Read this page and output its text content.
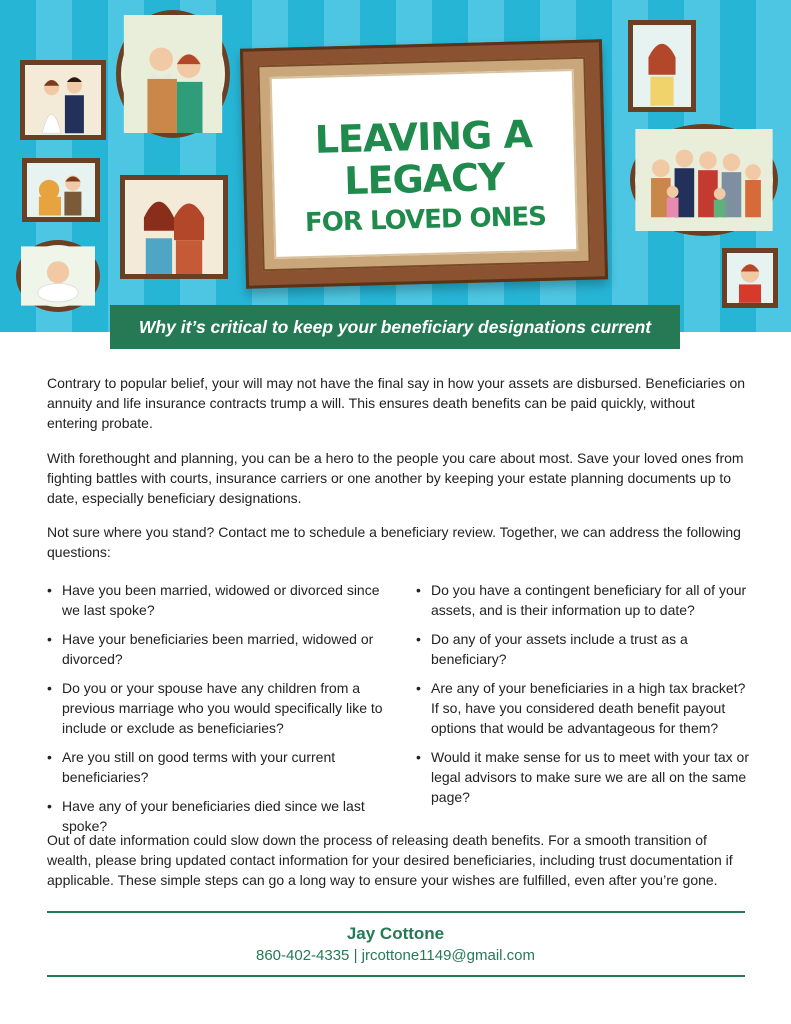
LEAVING A
LEGACY
FOR LOVED ONES
Why it’s critical to keep your beneficiary designations current

Contrary to popular belief, your will may not have the final say in how your assets are disbursed. Beneficiaries on annuity and life insurance contracts trump a will. This ensures death benefits can be paid quickly, without entering probate.

With forethought and planning, you can be a hero to the people you care about most. Save your loved ones from fighting battles with courts, insurance carriers or one another by keeping your estate planning documents up to date, especially beneficiary designations.

Not sure where you stand? Contact me to schedule a beneficiary review. Together, we can address the following questions:

• Have you been married, widowed or divorced since we last spoke?
• Have your beneficiaries been married, widowed or divorced?
• Do you or your spouse have any children from a previous marriage who you would specifically like to include or exclude as beneficiaries?
• Are you still on good terms with your current beneficiaries?
• Have any of your beneficiaries died since we last spoke?
• Do you have a contingent beneficiary for all of your assets, and is their information up to date?
• Do any of your assets include a trust as a beneficiary?
• Are any of your beneficiaries in a high tax bracket? If so, have you considered death benefit payout options that would be advantageous for them?
• Would it make sense for us to meet with your tax or legal advisors to make sure we are all on the same page?

Out of date information could slow down the process of releasing death benefits. For a smooth transition of wealth, please bring updated contact information for your desired beneficiaries, including trust documentation if applicable. These simple steps can go a long way to ensure your wishes are fulfilled, even after you’re gone.

Jay Cottone
860-402-4335 | jrcottone1149@gmail.com
